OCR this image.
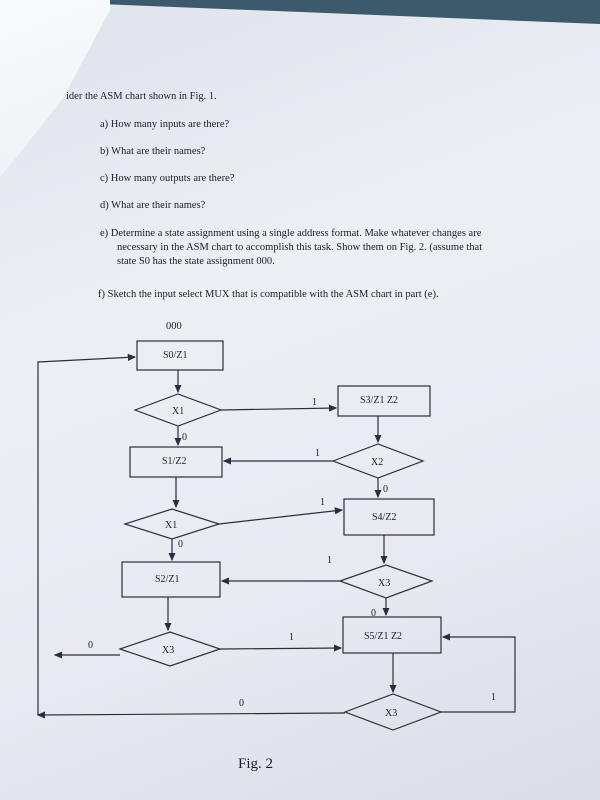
ider the ASM chart shown in Fig. 1.
a) How many inputs are there?
b) What are their names?
c) How many outputs are there?
d) What are their names?
e) Determine a state assignment using a single address format. Make whatever changes are
necessary in the ASM chart to accomplish this task. Show them on Fig. 2. (assume that
state S0 has the state assignment 000.
f) Sketch the input select MUX that is compatible with the ASM chart in part (e).
000
S0/Z1
S3/Z1 Z2
S1/Z2
S4/Z2
S2/Z1
S5/Z1 Z2
X1
X2
X1
X3
X3
X3
1
0
1
0
1
0
1
0
1
0
1
0
Fig. 2
